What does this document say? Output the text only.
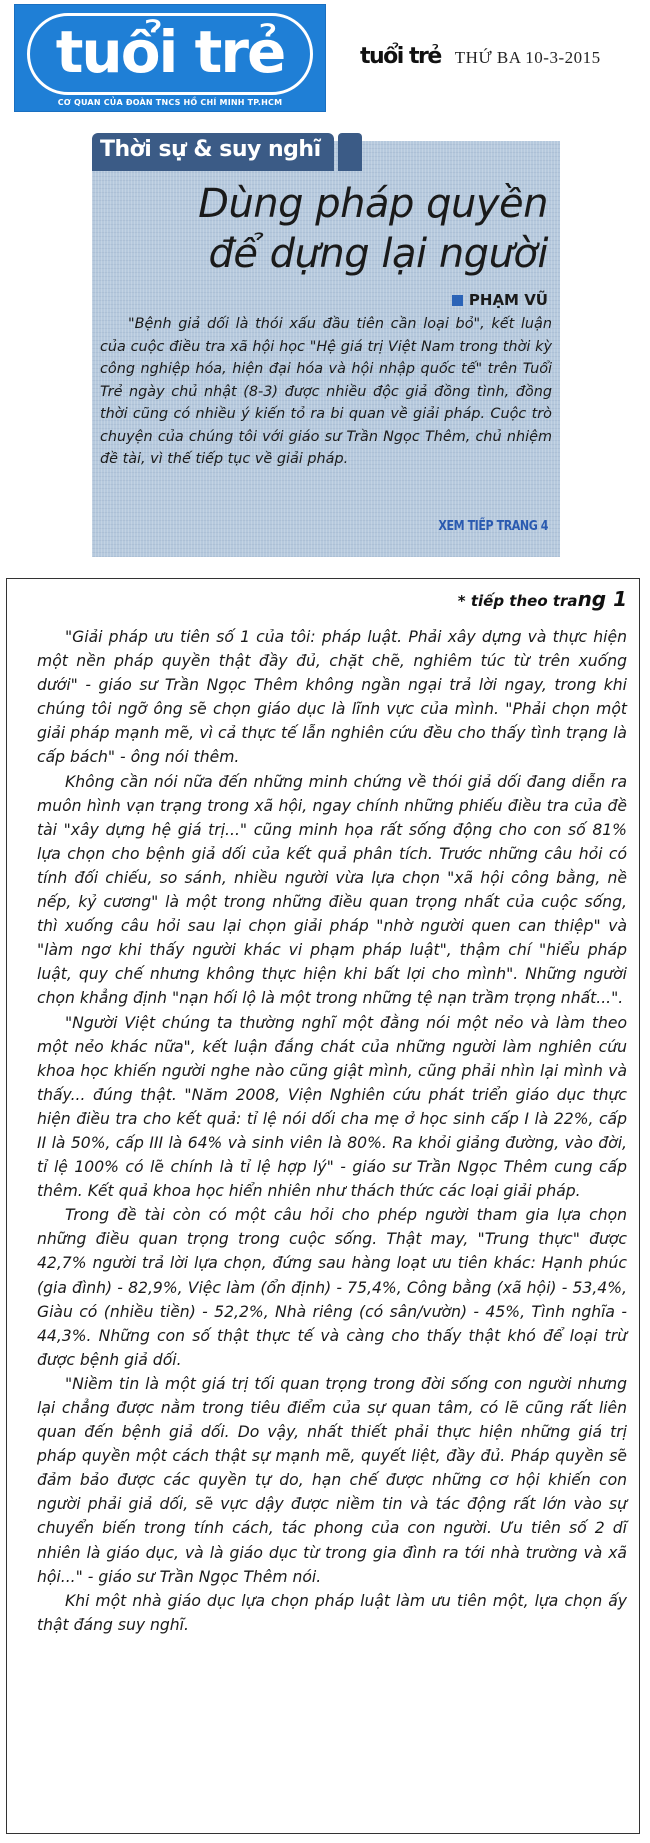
tuổi trẻ
CƠ QUAN CỦA ĐOÀN TNCS HỒ CHÍ MINH TP.HCM
tuổi trẻ THỨ BA 10-3-2015
Thời sự & suy nghĩ
Dùng pháp quyền
để dựng lại người
PHẠM VŨ
"Bệnh giả dối là thói xấu đầu tiên cần loại bỏ", kết luận của cuộc điều tra xã hội học "Hệ giá trị Việt Nam trong thời kỳ công nghiệp hóa, hiện đại hóa và hội nhập quốc tế" trên Tuổi Trẻ ngày chủ nhật (8-3) được nhiều độc giả đồng tình, đồng thời cũng có nhiều ý kiến tỏ ra bi quan về giải pháp. Cuộc trò chuyện của chúng tôi với giáo sư Trần Ngọc Thêm, chủ nhiệm đề tài, vì thế tiếp tục về giải pháp.
XEM TIẾP TRANG 4
* tiếp theo trang 1

"Giải pháp ưu tiên số 1 của tôi: pháp luật. Phải xây dựng và thực hiện một nền pháp quyền thật đầy đủ, chặt chẽ, nghiêm túc từ trên xuống dưới" - giáo sư Trần Ngọc Thêm không ngần ngại trả lời ngay, trong khi chúng tôi ngỡ ông sẽ chọn giáo dục là lĩnh vực của mình. "Phải chọn một giải pháp mạnh mẽ, vì cả thực tế lẫn nghiên cứu đều cho thấy tình trạng là cấp bách" - ông nói thêm.

Không cần nói nữa đến những minh chứng về thói giả dối đang diễn ra muôn hình vạn trạng trong xã hội, ngay chính những phiếu điều tra của đề tài "xây dựng hệ giá trị..." cũng minh họa rất sống động cho con số 81% lựa chọn cho bệnh giả dối của kết quả phân tích. Trước những câu hỏi có tính đối chiếu, so sánh, nhiều người vừa lựa chọn "xã hội công bằng, nề nếp, kỷ cương" là một trong những điều quan trọng nhất của cuộc sống, thì xuống câu hỏi sau lại chọn giải pháp "nhờ người quen can thiệp" và "làm ngơ khi thấy người khác vi phạm pháp luật", thậm chí "hiểu pháp luật, quy chế nhưng không thực hiện khi bất lợi cho mình". Những người chọn khẳng định "nạn hối lộ là một trong những tệ nạn trầm trọng nhất...".

"Người Việt chúng ta thường nghĩ một đằng nói một nẻo và làm theo một nẻo khác nữa", kết luận đắng chát của những người làm nghiên cứu khoa học khiến người nghe nào cũng giật mình, cũng phải nhìn lại mình và thấy... đúng thật. "Năm 2008, Viện Nghiên cứu phát triển giáo dục thực hiện điều tra cho kết quả: tỉ lệ nói dối cha mẹ ở học sinh cấp I là 22%, cấp II là 50%, cấp III là 64% và sinh viên là 80%. Ra khỏi giảng đường, vào đời, tỉ lệ 100% có lẽ chính là tỉ lệ hợp lý" - giáo sư Trần Ngọc Thêm cung cấp thêm. Kết quả khoa học hiển nhiên như thách thức các loại giải pháp.

Trong đề tài còn có một câu hỏi cho phép người tham gia lựa chọn những điều quan trọng trong cuộc sống. Thật may, "Trung thực" được 42,7% người trả lời lựa chọn, đứng sau hàng loạt ưu tiên khác: Hạnh phúc (gia đình) - 82,9%, Việc làm (ổn định) - 75,4%, Công bằng (xã hội) - 53,4%, Giàu có (nhiều tiền) - 52,2%, Nhà riêng (có sân/vườn) - 45%, Tình nghĩa - 44,3%. Những con số thật thực tế và càng cho thấy thật khó để loại trừ được bệnh giả dối.

"Niềm tin là một giá trị tối quan trọng trong đời sống con người nhưng lại chẳng được nằm trong tiêu điểm của sự quan tâm, có lẽ cũng rất liên quan đến bệnh giả dối. Do vậy, nhất thiết phải thực hiện những giá trị pháp quyền một cách thật sự mạnh mẽ, quyết liệt, đầy đủ. Pháp quyền sẽ đảm bảo được các quyền tự do, hạn chế được những cơ hội khiến con người phải giả dối, sẽ vực dậy được niềm tin và tác động rất lớn vào sự chuyển biến trong tính cách, tác phong của con người. Ưu tiên số 2 dĩ nhiên là giáo dục, và là giáo dục từ trong gia đình ra tới nhà trường và xã hội..." - giáo sư Trần Ngọc Thêm nói.

Khi một nhà giáo dục lựa chọn pháp luật làm ưu tiên một, lựa chọn ấy thật đáng suy nghĩ.
